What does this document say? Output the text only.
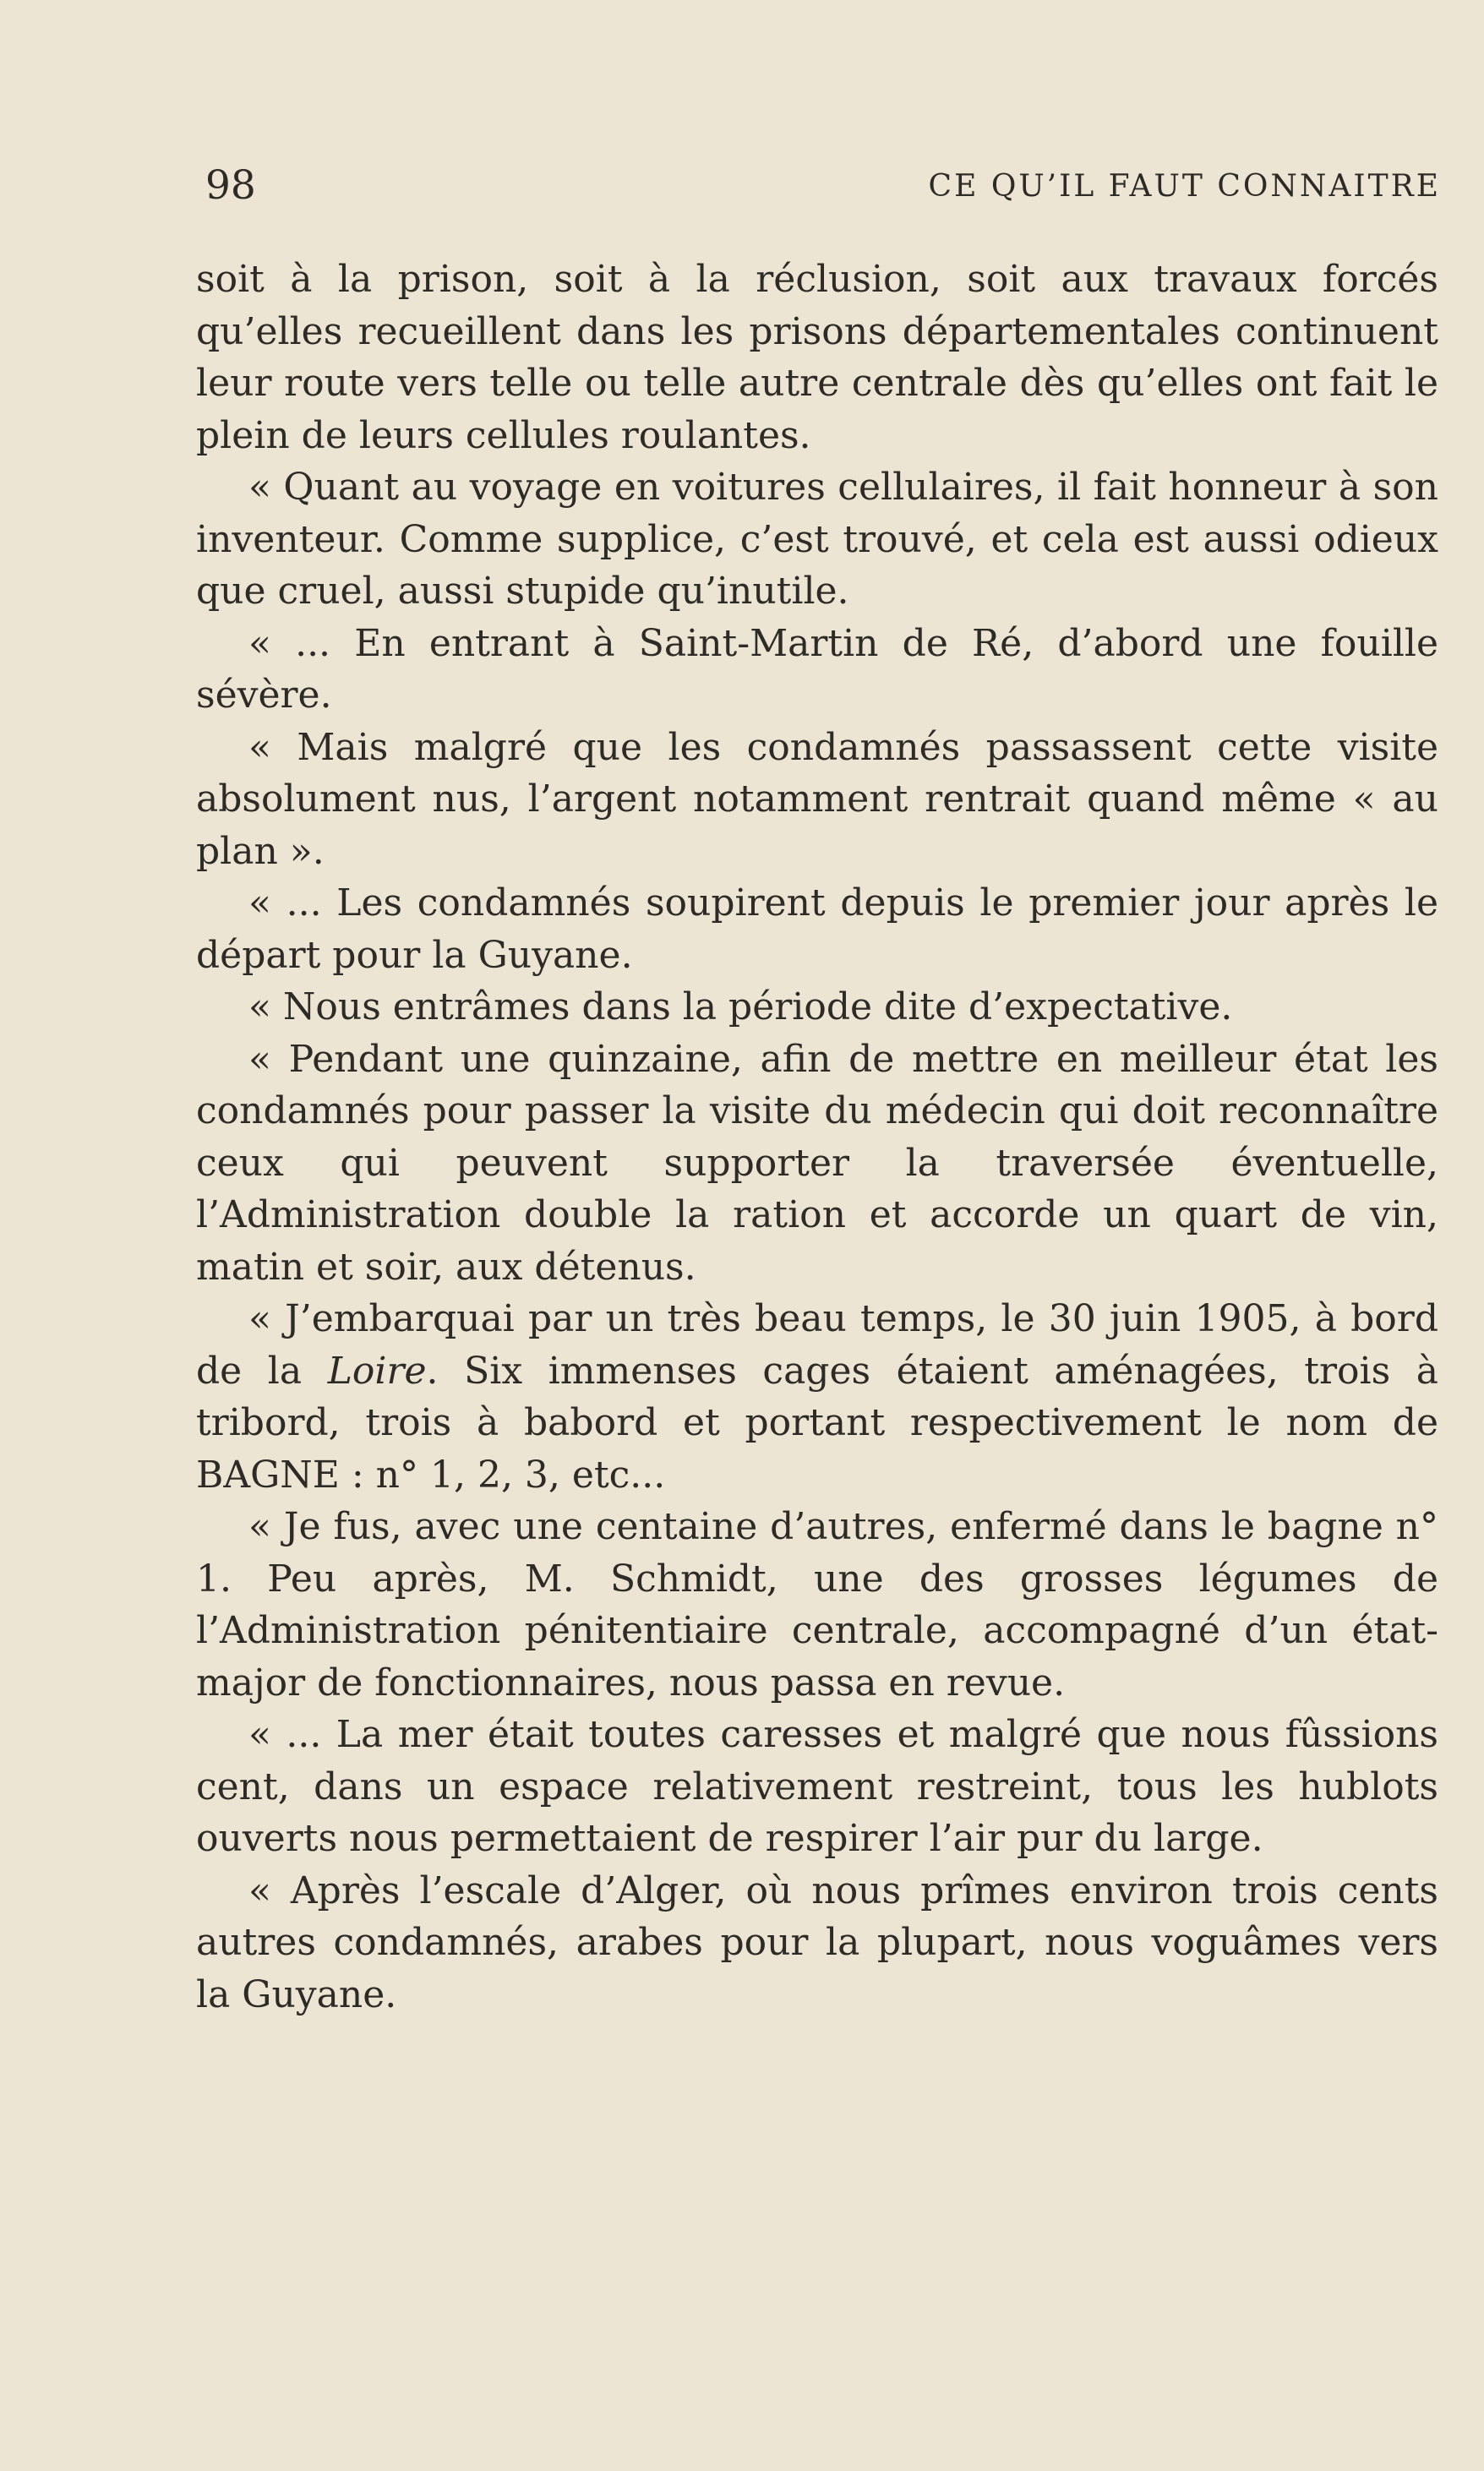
98	CE QU’IL FAUT CONNAITRE

soit à la prison, soit à la réclusion, soit aux travaux forcés qu’elles recueillent dans les prisons départementales continuent leur route vers telle ou telle autre centrale dès qu’elles ont fait le plein de leurs cellules roulantes.

« Quant au voyage en voitures cellulaires, il fait honneur à son inventeur. Comme supplice, c’est trouvé, et cela est aussi odieux que cruel, aussi stupide qu’inutile.

« ... En entrant à Saint-Martin de Ré, d’abord une fouille sévère.

« Mais malgré que les condamnés passassent cette visite absolument nus, l’argent notamment rentrait quand même « au plan ».

« ... Les condamnés soupirent depuis le premier jour après le départ pour la Guyane.

« Nous entrâmes dans la période dite d’expectative.

« Pendant une quinzaine, afin de mettre en meilleur état les condamnés pour passer la visite du médecin qui doit reconnaître ceux qui peuvent supporter la traversée éventuelle, l’Administration double la ration et accorde un quart de vin, matin et soir, aux détenus.

« J’embarquai par un très beau temps, le 30 juin 1905, à bord de la Loire. Six immenses cages étaient aménagées, trois à tribord, trois à babord et portant respectivement le nom de BAGNE : n° 1, 2, 3, etc...

« Je fus, avec une centaine d’autres, enfermé dans le bagne n° 1. Peu après, M. Schmidt, une des grosses légumes de l’Administration pénitentiaire centrale, accompagné d’un état-major de fonctionnaires, nous passa en revue.

« ... La mer était toutes caresses et malgré que nous fûssions cent, dans un espace relativement restreint, tous les hublots ouverts nous permettaient de respirer l’air pur du large.

« Après l’escale d’Alger, où nous prîmes environ trois cents autres condamnés, arabes pour la plupart, nous voguâmes vers la Guyane.
